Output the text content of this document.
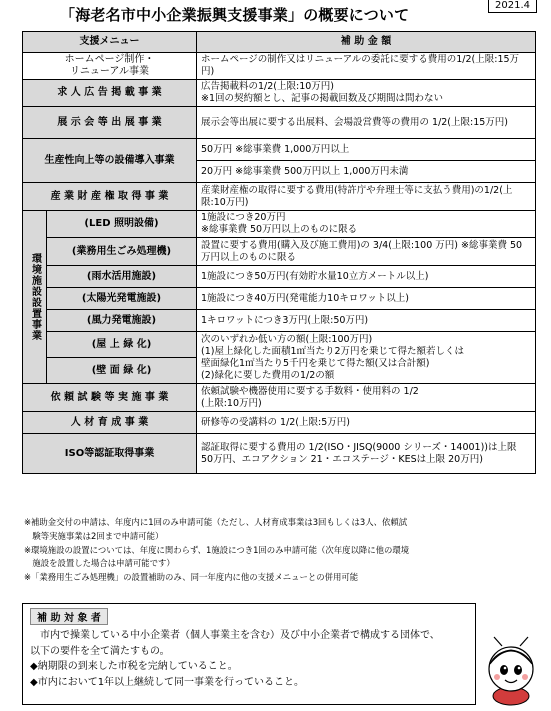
「海老名市中小企業振興支援事業」の概要について
2021.4
支援メニュー		補 助 金 額
ホームページ制作・
リニューアル事業		ホームページの制作又はリニューアルの委託に要する費用の1/2(上限:15万円)
求 人 広 告 掲 載 事 業		広告掲載料の1/2(上限:10万円)
※1回の契約額とし、記事の掲載回数及び期間は問わない
展 示 会 等 出 展 事 業		展示会等出展に要する出展料、会場設営費等の費用の 1/2(上限:15万円)
生産性向上等の設備導入事業		50万円 ※総事業費 1,000万円以上
		20万円 ※総事業費 500万円以上 1,000万円未満
産 業 財 産 権 取 得 事 業		産業財産権の取得に要する費用(特許庁や弁理士等に支払う費用)の1/2(上限:10万円)
環境施設設置事業	(LED 照明設備)	1施設につき20万円
※総事業費 50万円以上のものに限る
	(業務用生ごみ処理機)	設置に要する費用(購入及び施工費用)の 3/4(上限:100 万円) ※総事業費 50万円以上のものに限る
	(雨水活用施設)	1施設につき50万円(有効貯水量10立方メートル以上)
	(太陽光発電施設)	1施設につき40万円(発電能力10キロワット以上)
	(風力発電施設)	1キロワットにつき3万円(上限:50万円)
	(屋 上 緑 化)	次のいずれか低い方の額(上限:100万円)
(1)屋上緑化した面積1㎡当たり2万円を乗じて得た額若しくは
壁面緑化1㎡当たり5千円を乗じて得た額(又は合計額)
(2)緑化に要した費用の1/2の額
	(壁 面 緑 化)	
依 頼 試 験 等 実 施 事 業		依頼試験や機器使用に要する手数料・使用料の 1/2
(上限:10万円)
人 材 育 成 事 業		研修等の受講料の 1/2(上限:5万円)
ISO等認証取得事業		認証取得に要する費用の 1/2(ISO・JISQ(9000 シリーズ・14001))は上限 50万円、エコアクション 21・エコステージ・KESは上限 20万円)
※補助金交付の申請は、年度内に1回のみ申請可能（ただし、人材育成事業は3回もしくは3人、依頼試
　験等実施事業は2回まで申請可能）
※環境施設の設置については、年度に関わらず、1施設につき1回のみ申請可能（次年度以降に他の環境
　施設を設置した場合は申請可能です）
※「業務用生ごみ処理機」の設置補助のみ、同一年度内に他の支援メニューとの併用可能
補 助 対 象 者
　市内で操業している中小企業者（個人事業主を含む）及び中小企業者で構成する団体で、
以下の要件を全て満たすもの。
◆納期限の到来した市税を完納していること。
◆市内において1年以上継続して同一事業を行っていること。
えびな
